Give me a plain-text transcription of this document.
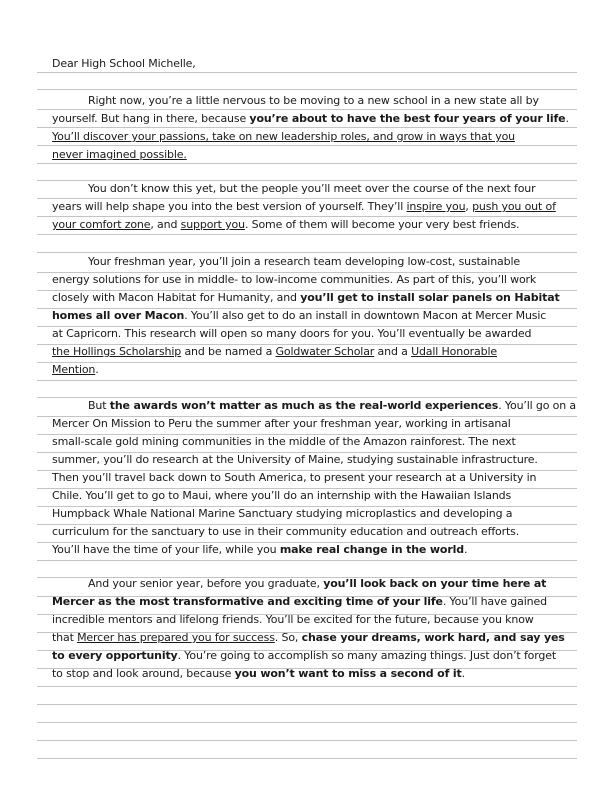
Dear High School Michelle,
Right now, you’re a little nervous to be moving to a new school in a new state all by
yourself. But hang in there, because you’re about to have the best four years of your life.
You’ll discover your passions, take on new leadership roles, and grow in ways that you
never imagined possible.
You don’t know this yet, but the people you’ll meet over the course of the next four
years will help shape you into the best version of yourself. They’ll inspire you, push you out of
your comfort zone, and support you. Some of them will become your very best friends.
Your freshman year, you’ll join a research team developing low-cost, sustainable
energy solutions for use in middle- to low-income communities. As part of this, you’ll work
closely with Macon Habitat for Humanity, and you’ll get to install solar panels on Habitat
homes all over Macon. You’ll also get to do an install in downtown Macon at Mercer Music
at Capricorn. This research will open so many doors for you. You’ll eventually be awarded
the Hollings Scholarship and be named a Goldwater Scholar and a Udall Honorable
Mention.
But the awards won’t matter as much as the real-world experiences. You’ll go on a
Mercer On Mission to Peru the summer after your freshman year, working in artisanal
small-scale gold mining communities in the middle of the Amazon rainforest. The next
summer, you’ll do research at the University of Maine, studying sustainable infrastructure.
Then you’ll travel back down to South America, to present your research at a University in
Chile. You’ll get to go to Maui, where you’ll do an internship with the Hawaiian Islands
Humpback Whale National Marine Sanctuary studying microplastics and developing a
curriculum for the sanctuary to use in their community education and outreach efforts.
You’ll have the time of your life, while you make real change in the world.
And your senior year, before you graduate, you’ll look back on your time here at
Mercer as the most transformative and exciting time of your life. You’ll have gained
incredible mentors and lifelong friends. You’ll be excited for the future, because you know
that Mercer has prepared you for success. So, chase your dreams, work hard, and say yes
to every opportunity. You’re going to accomplish so many amazing things. Just don’t forget
to stop and look around, because you won’t want to miss a second of it.
